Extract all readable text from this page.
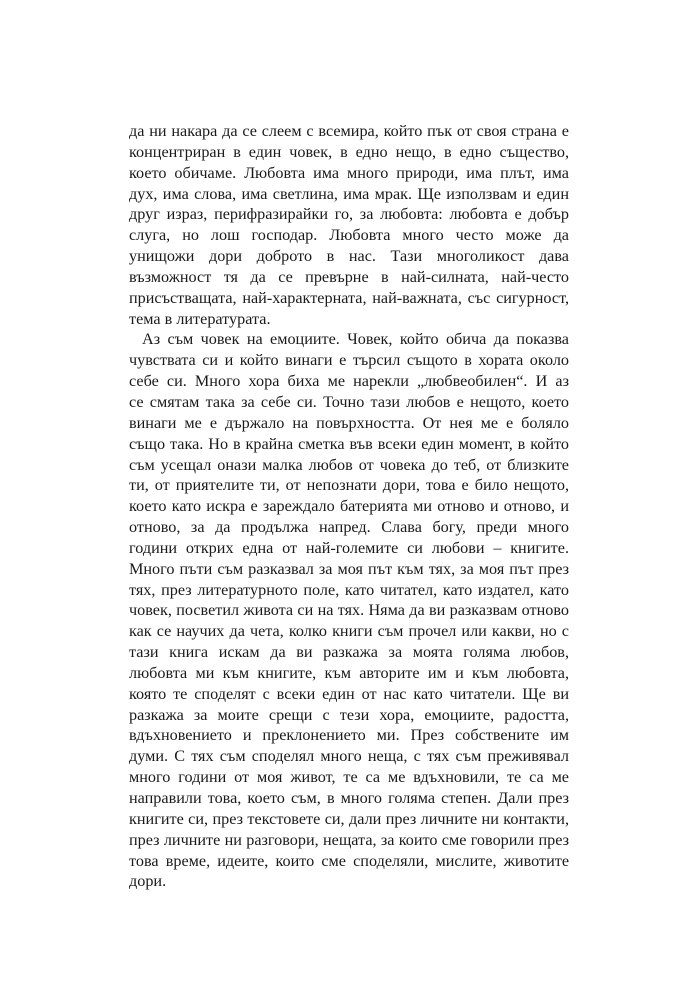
да ни накара да се слеем с всемира, който пък от своя страна е
концентриран в един човек, в едно нещо, в едно същество,
което обичаме. Любовта има много природи, има плът, има
дух, има слова, има светлина, има мрак. Ще използвам и един
друг израз, перифразирайки го, за любовта: любовта е добър
слуга, но лош господар. Любовта много често може да
унищожи дори доброто в нас. Тази многоликост дава
възможност тя да се превърне в най-силната, най-често
присъстващата, най-характерната, най-важната, със сигурност,
тема в литературата.
Аз съм човек на емоциите. Човек, който обича да показва
чувствата си и който винаги е търсил същото в хората около
себе си. Много хора биха ме нарекли „любвеобилен“. И аз
се смятам така за себе си. Точно тази любов е нещото, което
винаги ме е държало на повърхността. От нея ме е боляло
също така. Но в крайна сметка във всеки един момент, в който
съм усещал онази малка любов от човека до теб, от близките
ти, от приятелите ти, от непознати дори, това е било нещото,
което като искра е зареждало батерията ми отново и отново, и
отново, за да продължа напред. Слава богу, преди много
години открих една от най-големите си любови – книгите.
Много пъти съм разказвал за моя път към тях, за моя път през
тях, през литературното поле, като читател, като издател, като
човек, посветил живота си на тях. Няма да ви разказвам отново
как се научих да чета, колко книги съм прочел или какви, но с
тази книга искам да ви разкажа за моята голяма любов,
любовта ми към книгите, към авторите им и към любовта,
която те споделят с всеки един от нас като читатели. Ще ви
разкажа за моите срещи с тези хора, емоциите, радостта,
вдъхновението и преклонението ми. През собствените им
думи. С тях съм споделял много неща, с тях съм преживявал
много години от моя живот, те са ме вдъхновили, те са ме
направили това, което съм, в много голяма степен. Дали през
книгите си, през текстовете си, дали през личните ни контакти,
през личните ни разговори, нещата, за които сме говорили през
това време, идеите, които сме споделяли, мислите, животите
дори.
